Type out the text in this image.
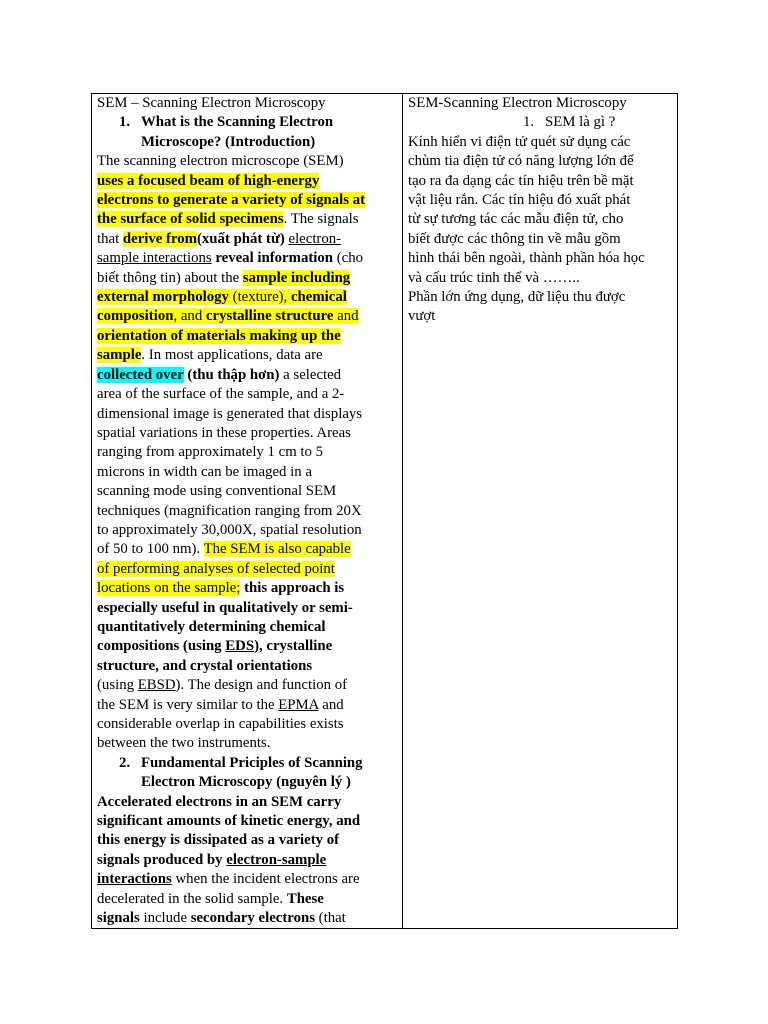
SEM – Scanning Electron Microscopy
1. What is the Scanning Electron
Microscope? (Introduction)
The scanning electron microscope (SEM)
uses a focused beam of high-energy
electrons to generate a variety of signals at
the surface of solid specimens. The signals
that derive from(xuất phát từ) electron-
sample interactions reveal information (cho
biết thông tin) about the sample including
external morphology (texture), chemical
composition, and crystalline structure and
orientation of materials making up the
sample. In most applications, data are
collected over (thu thập hơn) a selected
area of the surface of the sample, and a 2-
dimensional image is generated that displays
spatial variations in these properties. Areas
ranging from approximately 1 cm to 5
microns in width can be imaged in a
scanning mode using conventional SEM
techniques (magnification ranging from 20X
to approximately 30,000X, spatial resolution
of 50 to 100 nm). The SEM is also capable
of performing analyses of selected point
locations on the sample; this approach is
especially useful in qualitatively or semi-
quantitatively determining chemical
compositions (using EDS), crystalline
structure, and crystal orientations
(using EBSD). The design and function of
the SEM is very similar to the EPMA and
considerable overlap in capabilities exists
between the two instruments.
2. Fundamental Priciples of Scanning
Electron Microscopy (nguyên lý )
Accelerated electrons in an SEM carry
significant amounts of kinetic energy, and
this energy is dissipated as a variety of
signals produced by electron-sample
interactions when the incident electrons are
decelerated in the solid sample. These
signals include secondary electrons (that

SEM-Scanning Electron Microscopy
1. SEM là gì ?
Kính hiển vi điện tử quét sử dụng các
chùm tia điện tử có năng lượng lớn để
tạo ra đa dạng các tín hiệu trên bề mặt
vật liệu rắn. Các tín hiệu đó xuất phát
từ sự tương tác các mẫu điện tử, cho
biết được các thông tin về mẫu gồm
hình thái bên ngoài, thành phần hóa học
và cấu trúc tinh thể và ……..
Phần lớn ứng dụng, dữ liệu thu được
vượt
